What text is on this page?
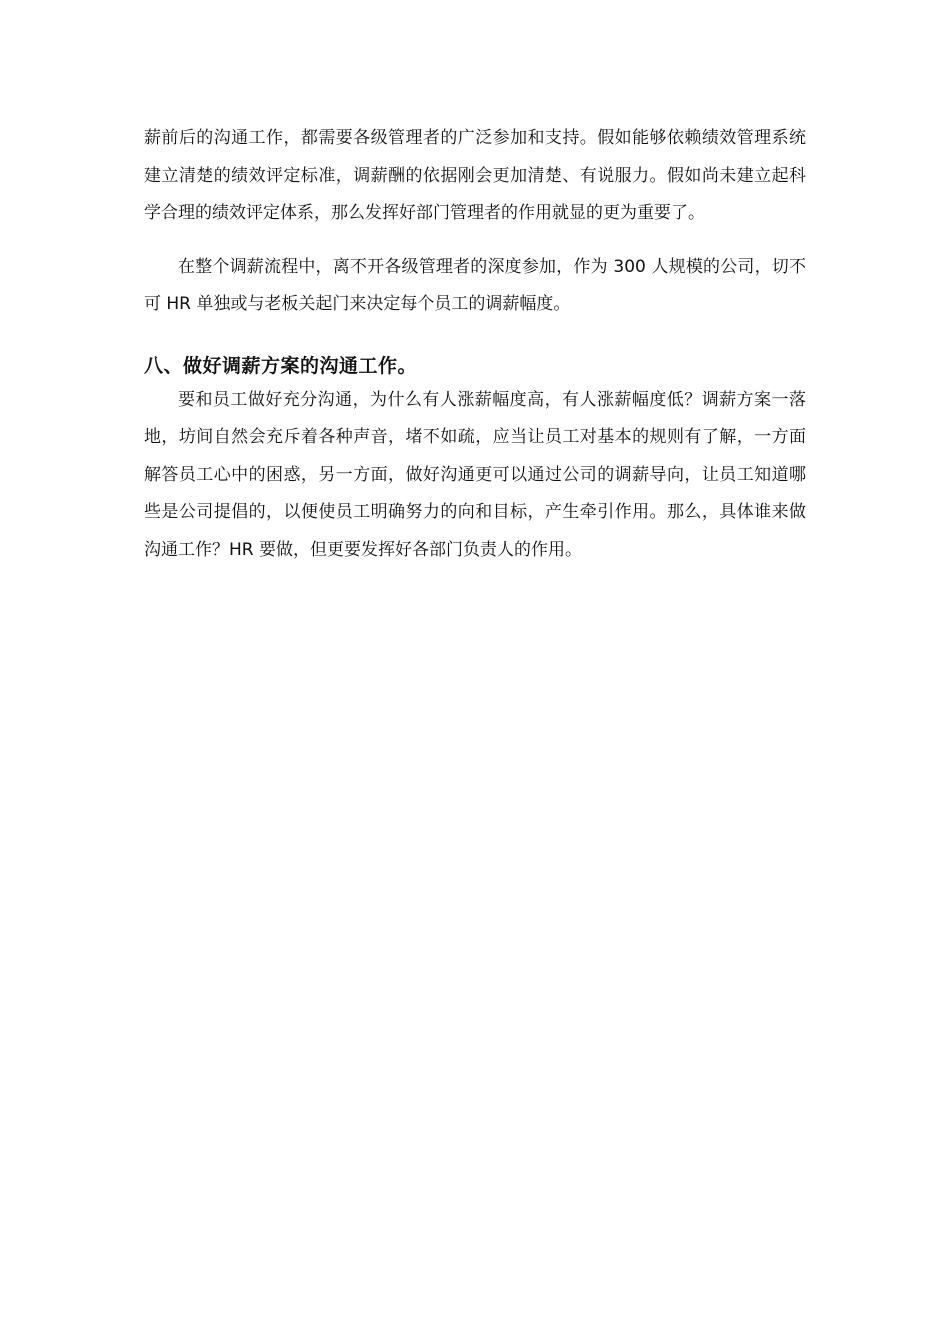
薪前后的沟通工作，都需要各级管理者的广泛参加和支持。假如能够依赖绩效管理系统建立清楚的绩效评定标准，调薪酬的依据刚会更加清楚、有说服力。假如尚未建立起科学合理的绩效评定体系，那么发挥好部门管理者的作用就显的更为重要了。

在整个调薪流程中，离不开各级管理者的深度参加，作为 300 人规模的公司，切不可 HR 单独或与老板关起门来决定每个员工的调薪幅度。

八、做好调薪方案的沟通工作。

要和员工做好充分沟通，为什么有人涨薪幅度高，有人涨薪幅度低？调薪方案一落地，坊间自然会充斥着各种声音，堵不如疏，应当让员工对基本的规则有了解，一方面解答员工心中的困惑，另一方面，做好沟通更可以通过公司的调薪导向，让员工知道哪些是公司提倡的，以便使员工明确努力的向和目标，产生牵引作用。那么，具体谁来做沟通工作？HR 要做，但更要发挥好各部门负责人的作用。
